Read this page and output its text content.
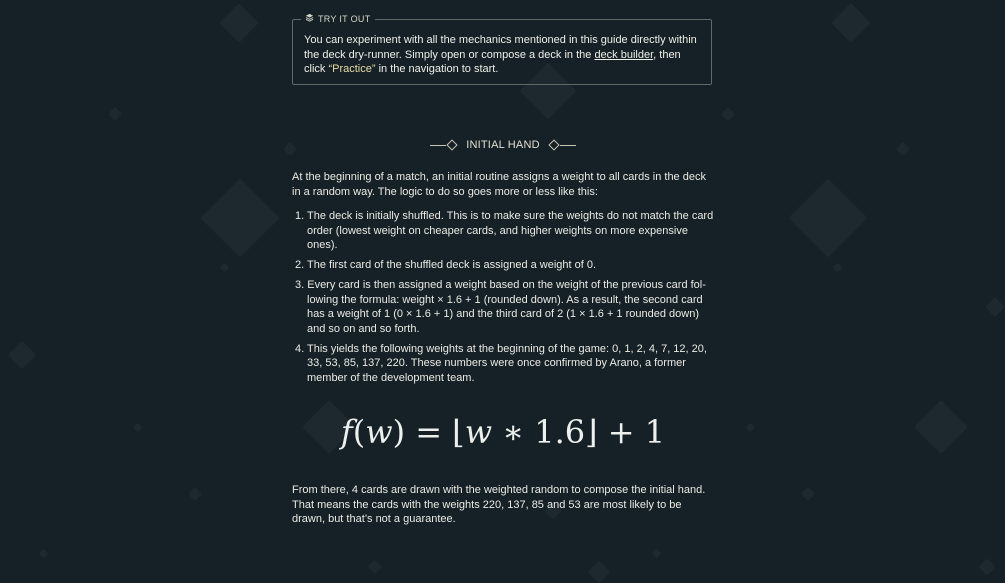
TRY IT OUT
You can experiment with all the mechanics mentioned in this guide directly within the deck dry-runner. Simply open or compose a deck in the deck builder, then click “Practice” in the navigation to start.
INITIAL HAND
At the beginning of a match, an initial routine assigns a weight to all cards in the deck in a random way. The logic to do so goes more or less like this:
1. The deck is initially shuffled. This is to make sure the weights do not match the card order (lowest weight on cheaper cards, and higher weights on more expensive ones).
2. The first card of the shuffled deck is assigned a weight of 0.
3. Every card is then assigned a weight based on the weight of the previous card following the formula: weight × 1.6 + 1 (rounded down). As a result, the second card has a weight of 1 (0 × 1.6 + 1) and the third card of 2 (1 × 1.6 + 1 rounded down) and so on and so forth.
4. This yields the following weights at the beginning of the game: 0, 1, 2, 4, 7, 12, 20, 33, 53, 85, 137, 220. These numbers were once confirmed by Arano, a former member of the development team.
f ( w ) = ⌊ w ∗ 1.6 ⌋ + 1
From there, 4 cards are drawn with the weighted random to compose the initial hand. That means the cards with the weights 220, 137, 85 and 53 are most likely to be drawn, but that’s not a guarantee.
